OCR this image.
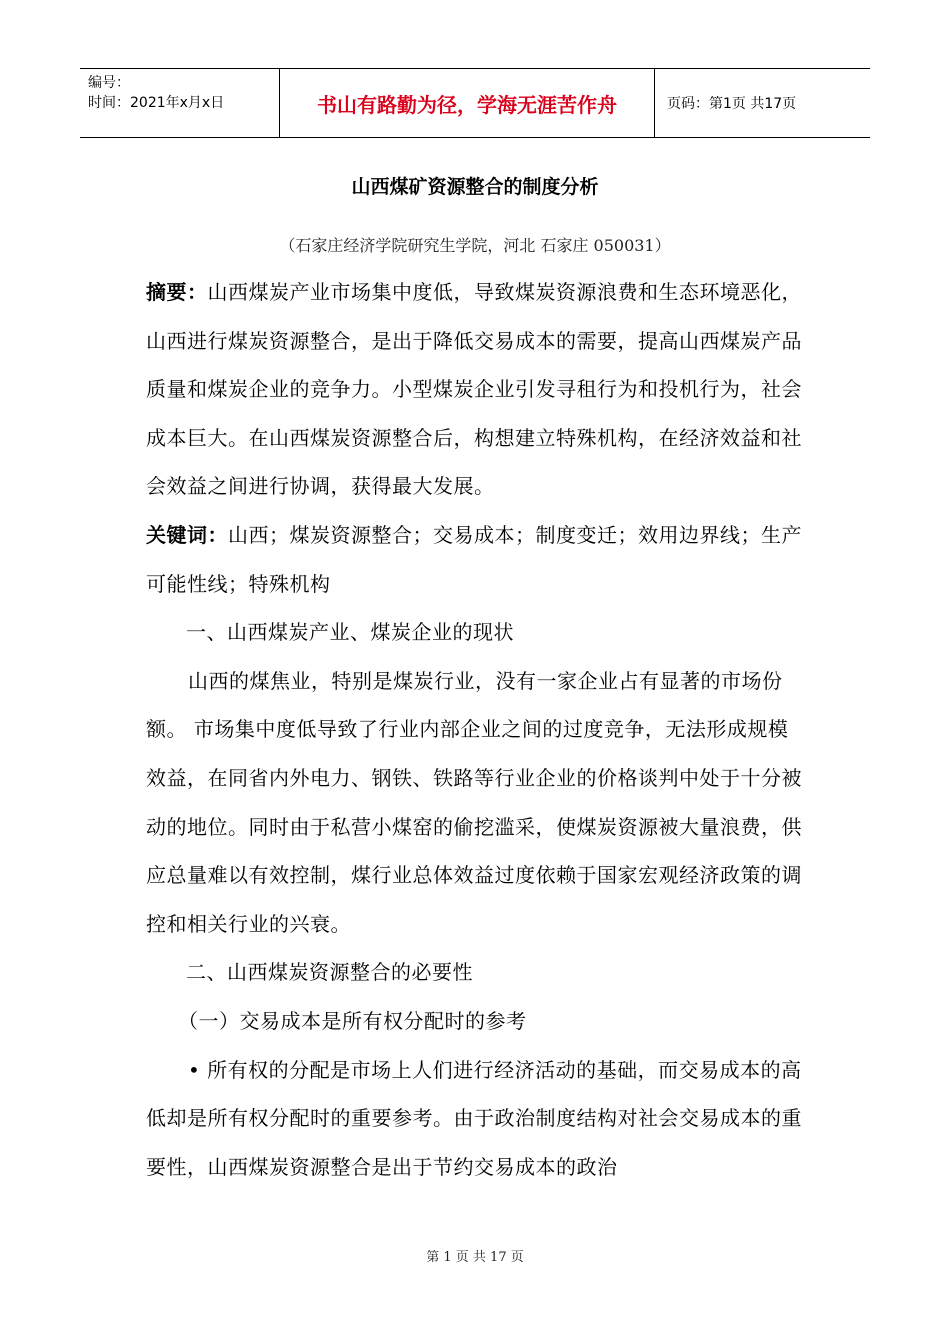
编号：
时间：2021年x月x日	书山有路勤为径，学海无涯苦作舟	页码：第1页 共17页
山西煤矿资源整合的制度分析
（石家庄经济学院研究生学院，河北 石家庄 050031）

摘要：山西煤炭产业市场集中度低，导致煤炭资源浪费和生态环境恶化，山西进行煤炭资源整合，是出于降低交易成本的需要，提高山西煤炭产品质量和煤炭企业的竞争力。小型煤炭企业引发寻租行为和投机行为，社会成本巨大。在山西煤炭资源整合后，构想建立特殊机构，在经济效益和社会效益之间进行协调，获得最大发展。

关键词：山西；煤炭资源整合；交易成本；制度变迁；效用边界线；生产可能性线；特殊机构

一、山西煤炭产业、煤炭企业的现状

山西的煤焦业，特别是煤炭行业，没有一家企业占有显著的市场份额。 市场集中度低导致了行业内部企业之间的过度竞争，无法形成规模效益，在同省内外电力、钢铁、铁路等行业企业的价格谈判中处于十分被动的地位。同时由于私营小煤窑的偷挖滥采，使煤炭资源被大量浪费，供应总量难以有效控制，煤行业总体效益过度依赖于国家宏观经济政策的调控和相关行业的兴衰。

二、山西煤炭资源整合的必要性

（一）交易成本是所有权分配时的参考

• 所有权的分配是市场上人们进行经济活动的基础，而交易成本的高低却是所有权分配时的重要参考。由于政治制度结构对社会交易成本的重要性，山西煤炭资源整合是出于节约交易成本的政治

第 1 页 共 17 页
